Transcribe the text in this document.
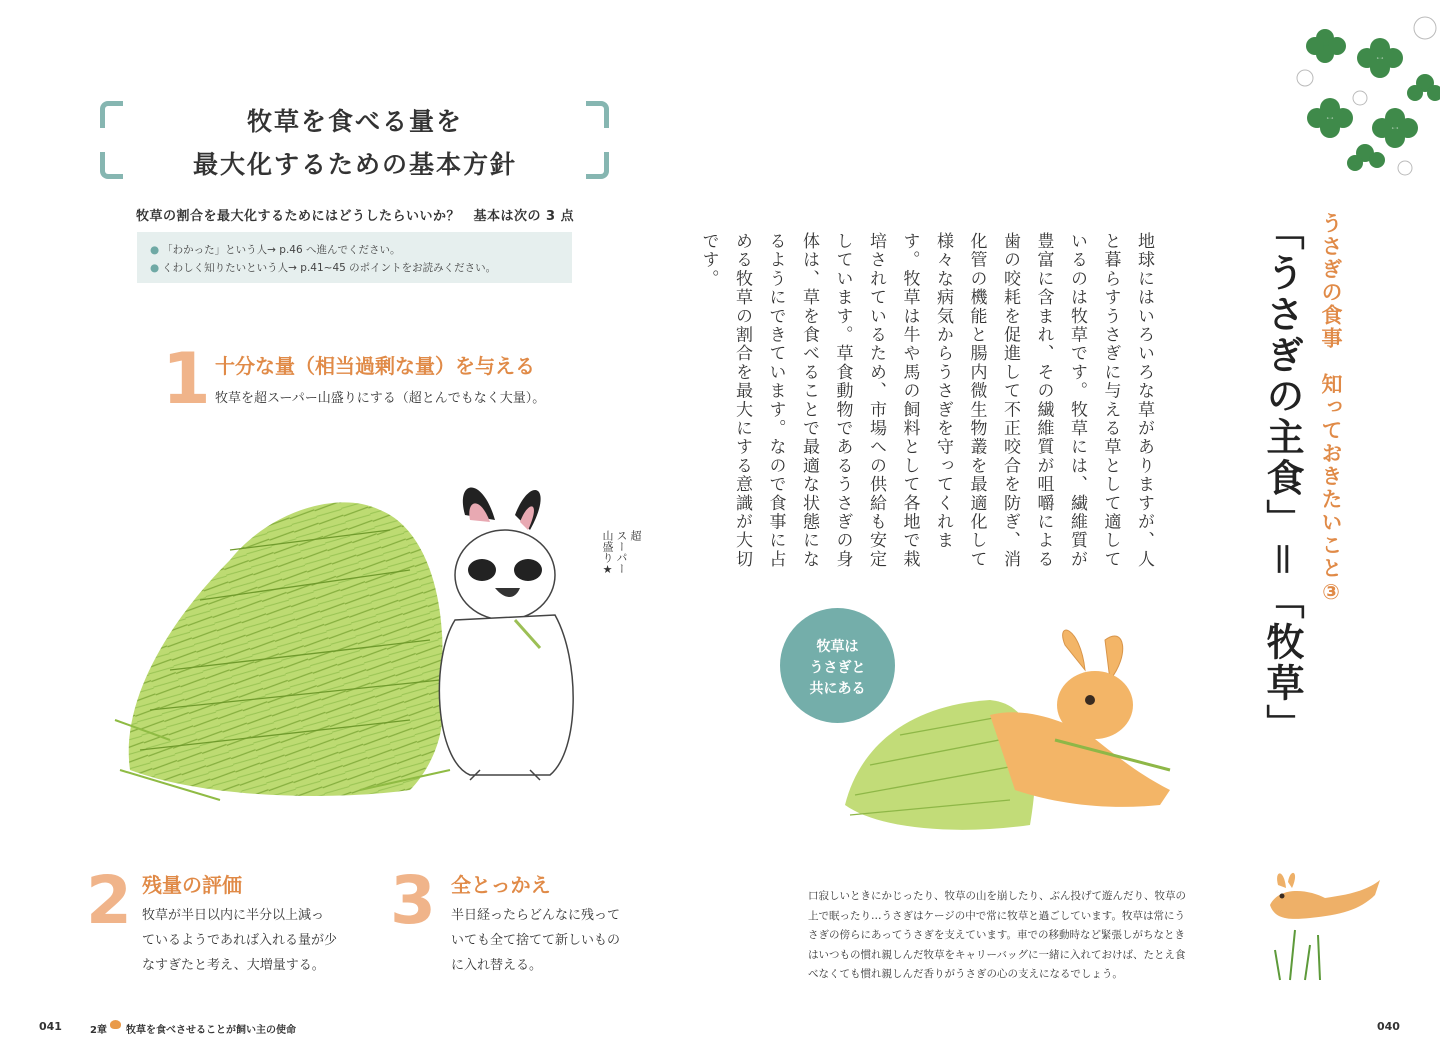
牧草を食べる量を
最大化するための基本方針
牧草の割合を最大化するためにはどうしたらいいか？　基本は次の 3 点
● 「わかった」という人→ p.46 へ進んでください。
● くわしく知りたいという人→ p.41~45 のポイントをお読みください。
1 十分な量（相当過剰な量）を与える
牧草を超スーパー山盛りにする（超とんでもなく大量）。
超
スーパー
山盛り★
2 残量の評価
牧草が半日以内に半分以上減っ
ているようであれば入れる量が少
なすぎたと考え、大増量する。
3 全とっかえ
半日経ったらどんなに残って
いても全て捨てて新しいもの
に入れ替える。
041	2章 牧草を食べさせることが飼い主の使命
うさぎの食事　知っておきたいこと③
「うさぎの主食」＝「牧草」
地球にはいろいろな草がありますが、人と暮らすうさぎに与える草として適しているのは牧草です。牧草には、繊維質が豊富に含まれ、その繊維質が咀嚼による歯の咬耗を促進して不正咬合を防ぎ、消化管の機能と腸内微生物叢を最適化して様々な病気からうさぎを守ってくれます。牧草は牛や馬の飼料として各地で栽培されているため、市場への供給も安定しています。草食動物であるうさぎの身体は、草を食べることで最適な状態になるようにできています。なので食事に占める牧草の割合を最大にする意識が大切です。
牧草は
うさぎと
共にある
口寂しいときにかじったり、牧草の山を崩したり、ぶん投げて遊んだり、牧草の上で眠ったり…うさぎはケージの中で常に牧草と過ごしています。牧草は常にうさぎの傍らにあってうさぎを支えています。車での移動時など緊張しがちなときはいつもの慣れ親しんだ牧草をキャリーバッグに一緒に入れておけば、たとえ食べなくても慣れ親しんだ香りがうさぎの心の支えになるでしょう。
040
